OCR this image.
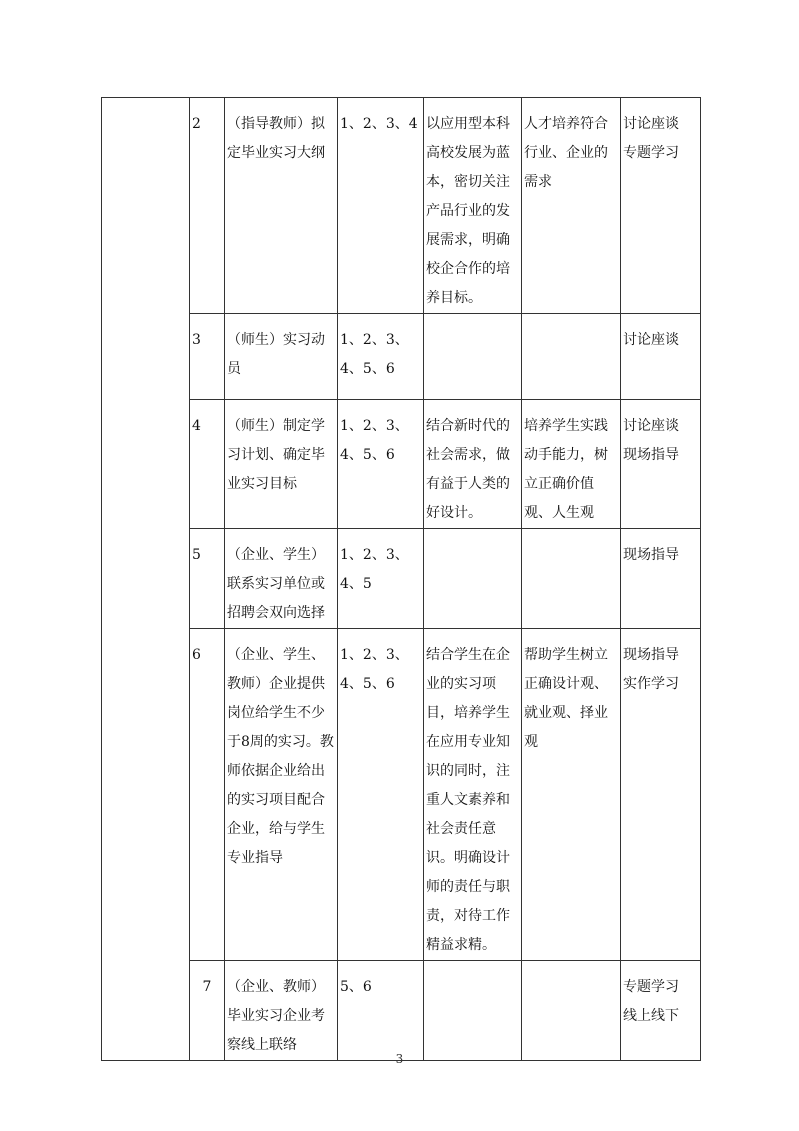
	2	（指导教师）拟定毕业实习大纲	1、2、3、4	以应用型本科高校发展为蓝本，密切关注产品行业的发展需求，明确校企合作的培养目标。	人才培养符合行业、企业的需求	讨论座谈
专题学习

	3	（师生）实习动员	1、2、3、4、5、6			讨论座谈

	4	（师生）制定学习计划、确定毕业实习目标	1、2、3、4、5、6	结合新时代的社会需求，做有益于人类的好设计。	培养学生实践动手能力，树立正确价值观、人生观	讨论座谈
现场指导

	5	（企业、学生）联系实习单位或招聘会双向选择	1、2、3、4、5			现场指导

	6	（企业、学生、教师）企业提供岗位给学生不少于8周的实习。教师依据企业给出的实习项目配合企业，给与学生专业指导	1、2、3、4、5、6	结合学生在企业的实习项目，培养学生在应用专业知识的同时，注重人文素养和社会责任意识。明确设计师的责任与职责，对待工作精益求精。	帮助学生树立正确设计观、就业观、择业观	现场指导
实作学习

	7	（企业、教师）毕业实习企业考察线上联络	5、6			专题学习
线上线下
3
